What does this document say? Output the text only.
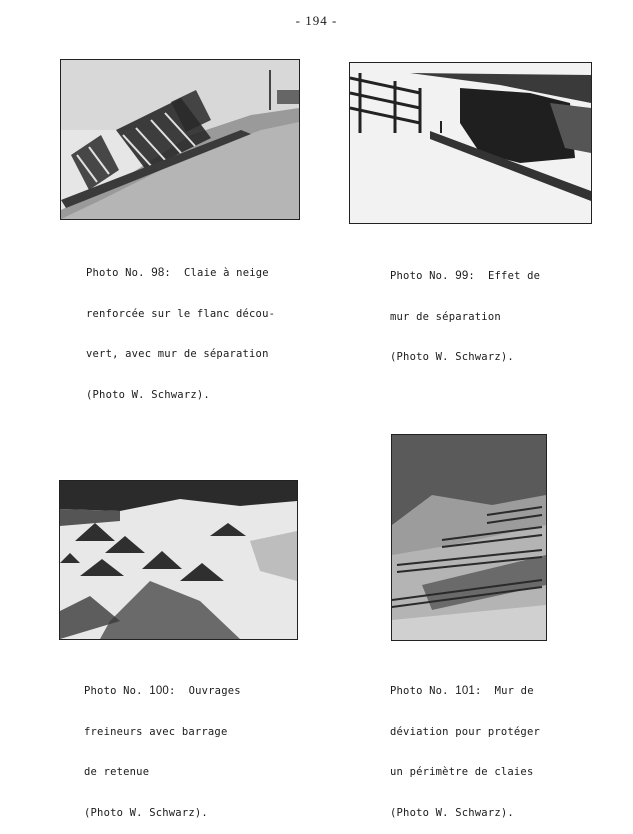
- 194 -

Photo No. 98:  Claie à neige

renforcée sur le flanc décou-

vert, avec mur de séparation

(Photo W. Schwarz).

Photo No. 99:  Effet de

mur de séparation

(Photo W. Schwarz).

Photo No. 100:  Ouvrages

freineurs avec barrage

de retenue

(Photo W. Schwarz).

Photo No. 101:  Mur de

déviation pour protéger

un périmètre de claies

(Photo W. Schwarz).
